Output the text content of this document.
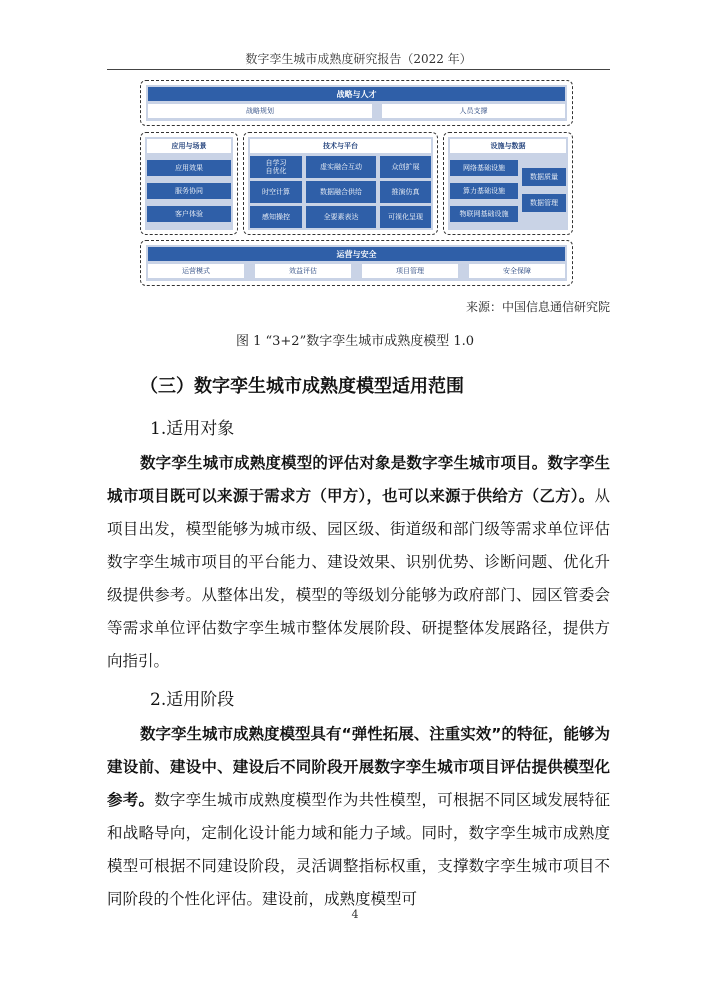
数字孪生城市成熟度研究报告（2022 年）
战略与人才
战略规划	人员支撑
应用与场景
应用效果
服务协同
客户体验
技术与平台
自学习
自优化
虚实融合互动	众创扩展
时空计算	数据融合供给	推演仿真
感知操控	全要素表达	可视化呈现
设施与数据
网络基础设施
算力基础设施
物联网基础设施
数据质量
数据管理
运营与安全
运营模式	效益评估	项目管理	安全保障
来源：中国信息通信研究院
图 1 “3+2”数字孪生城市成熟度模型 1.0
（三）数字孪生城市成熟度模型适用范围
1.适用对象

数字孪生城市成熟度模型的评估对象是数字孪生城市项目。数字孪生城市项目既可以来源于需求方（甲方），也可以来源于供给方（乙方）。从项目出发，模型能够为城市级、园区级、街道级和部门级等需求单位评估数字孪生城市项目的平台能力、建设效果、识别优势、诊断问题、优化升级提供参考。从整体出发，模型的等级划分能够为政府部门、园区管委会等需求单位评估数字孪生城市整体发展阶段、研提整体发展路径，提供方向指引。

2.适用阶段

数字孪生城市成熟度模型具有“弹性拓展、注重实效”的特征，能够为建设前、建设中、建设后不同阶段开展数字孪生城市项目评估提供模型化参考。数字孪生城市成熟度模型作为共性模型，可根据不同区域发展特征和战略导向，定制化设计能力域和能力子域。同时，数字孪生城市成熟度模型可根据不同建设阶段，灵活调整指标权重，支撑数字孪生城市项目不同阶段的个性化评估。建设前，成熟度模型可

4
